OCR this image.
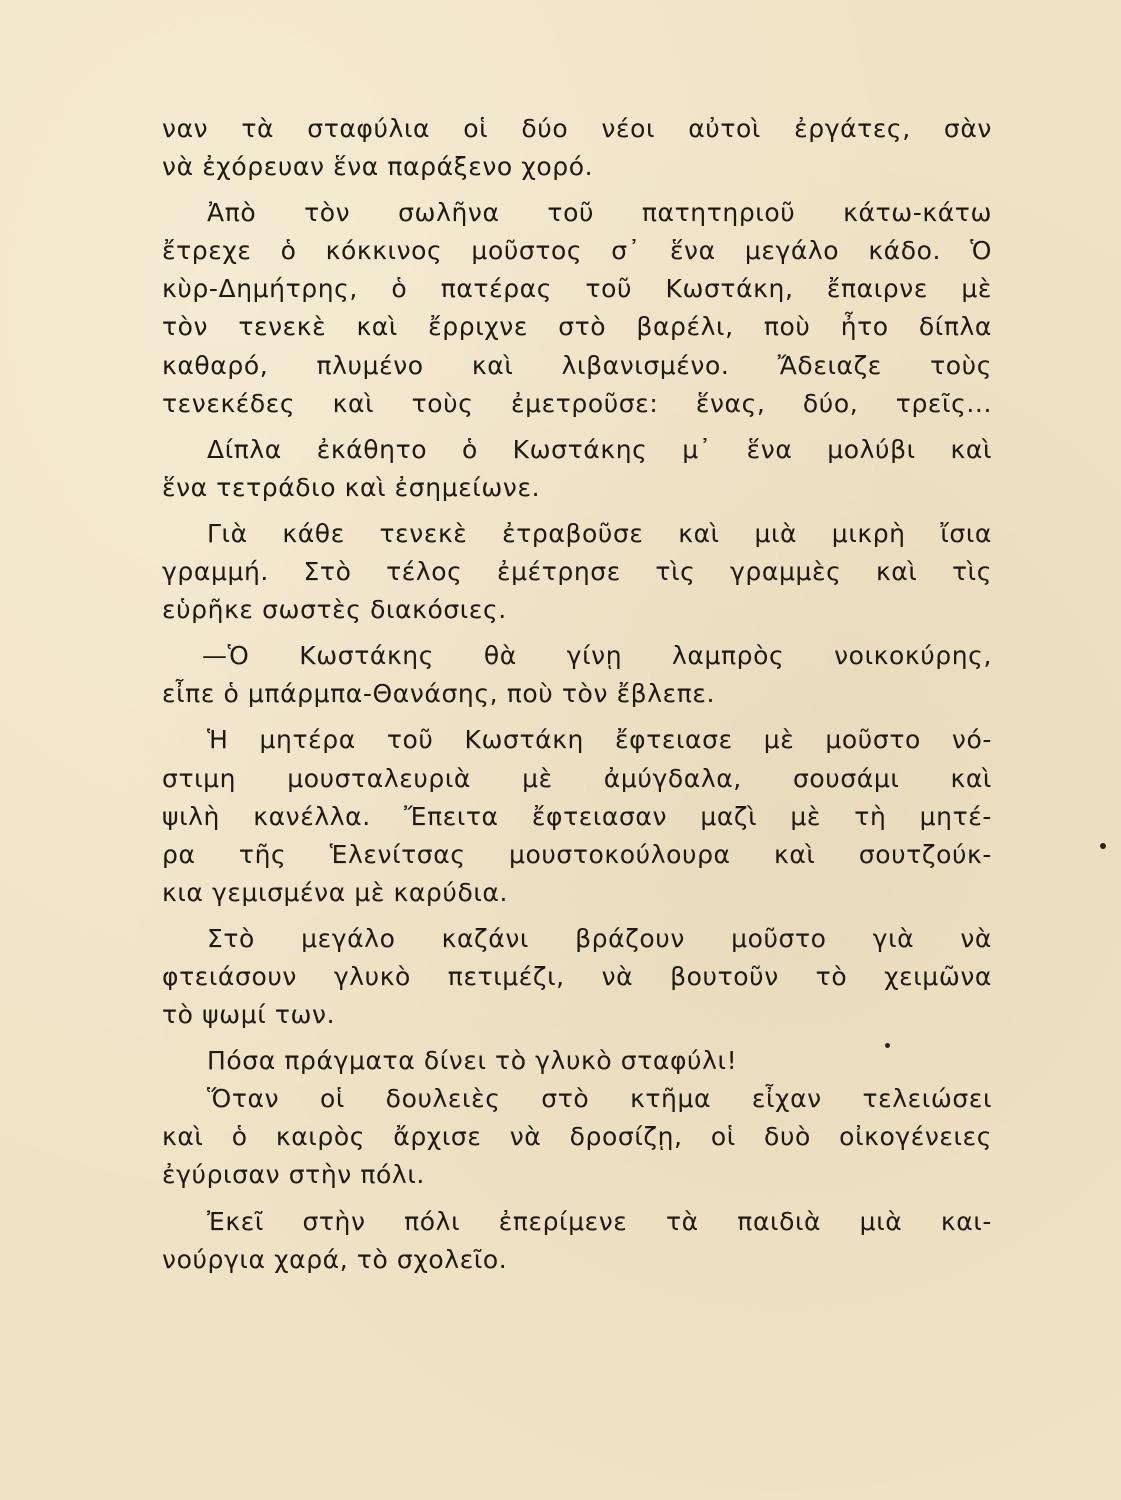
ναν τὰ σταφύλια οἱ δύο νέοι αὐτοὶ ἐργάτες, σὰν
νὰ ἐχόρευαν ἕνα παράξενο χορό.
Ἀπὸ τὸν σωλῆνα τοῦ πατητηριοῦ κάτω-κάτω
ἔτρεχε ὁ κόκκινος μοῦστος σ᾽ ἕνα μεγάλο κάδο. Ὁ
κὺρ-Δημήτρης, ὁ πατέρας τοῦ Κωστάκη, ἔπαιρνε μὲ
τὸν τενεκὲ καὶ ἔρριχνε στὸ βαρέλι, ποὺ ἦτο δίπλα
καθαρό, πλυμένο καὶ λιβανισμένο. Ἄδειαζε τοὺς
τενεκέδες καὶ τοὺς ἐμετροῦσε: ἕνας, δύο, τρεῖς...
Δίπλα ἐκάθητο ὁ Κωστάκης μ᾽ ἕνα μολύβι καὶ
ἕνα τετράδιο καὶ ἐσημείωνε.
Γιὰ κάθε τενεκὲ ἐτραβοῦσε καὶ μιὰ μικρὴ ἴσια
γραμμή. Στὸ τέλος ἐμέτρησε τὶς γραμμὲς καὶ τὶς
εὑρῆκε σωστὲς διακόσιες.
—Ὁ Κωστάκης θὰ γίνῃ λαμπρὸς νοικοκύρης,
εἶπε ὁ μπάρμπα-Θανάσης, ποὺ τὸν ἔβλεπε.
Ἡ μητέρα τοῦ Κωστάκη ἔφτειασε μὲ μοῦστο νό-
στιμη μουσταλευριὰ μὲ ἀμύγδαλα, σουσάμι καὶ
ψιλὴ κανέλλα. Ἔπειτα ἔφτειασαν μαζὶ μὲ τὴ μητέ-
ρα τῆς Ἑλενίτσας μουστοκούλουρα καὶ σουτζούκ-
κια γεμισμένα μὲ καρύδια.
Στὸ μεγάλο καζάνι βράζουν μοῦστο γιὰ νὰ
φτειάσουν γλυκὸ πετιμέζι, νὰ βουτοῦν τὸ χειμῶνα
τὸ ψωμί των.
Πόσα πράγματα δίνει τὸ γλυκὸ σταφύλι!
Ὅταν οἱ δουλειὲς στὸ κτῆμα εἶχαν τελειώσει
καὶ ὁ καιρὸς ἄρχισε νὰ δροσίζῃ, οἱ δυὸ οἰκογένειες
ἐγύρισαν στὴν πόλι.
Ἐκεῖ στὴν πόλι ἐπερίμενε τὰ παιδιὰ μιὰ και-
νούργια χαρά, τὸ σχολεῖο.
